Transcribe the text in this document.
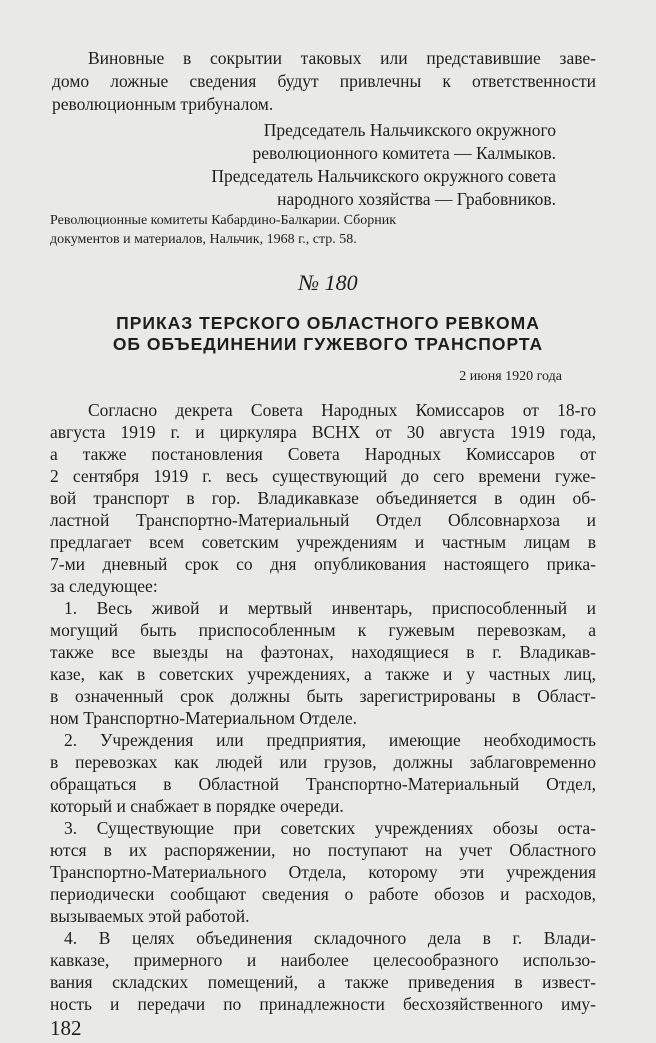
Виновные в сокрытии таковых или представившие заве-
домо ложные сведения будут привлечны к ответственности
революционным трибуналом.
Председатель Нальчикского окружного
революционного комитета — Калмыков.
Председатель Нальчикского окружного совета
народного хозяйства — Грабовников.
Революционные комитеты Кабардино-Балкарии. Сборник
документов и материалов, Нальчик, 1968 г., стр. 58.
№ 180
ПРИКАЗ ТЕРСКОГО ОБЛАСТНОГО РЕВКОМА
ОБ ОБЪЕДИНЕНИИ ГУЖЕВОГО ТРАНСПОРТА
2 июня 1920 года
Согласно декрета Совета Народных Комиссаров от 18-го
августа 1919 г. и циркуляра ВСНХ от 30 августа 1919 года,
а также постановления Совета Народных Комиссаров от
2 сентября 1919 г. весь существующий до сего времени гуже-
вой транспорт в гор. Владикавказе объединяется в один об-
ластной Транспортно-Материальный Отдел Облсовнархоза и
предлагает всем советским учреждениям и частным лицам в
7-ми дневный срок со дня опубликования настоящего прика-
за следующее:
1. Весь живой и мертвый инвентарь, приспособленный и
могущий быть приспособленным к гужевым перевозкам, а
также все выезды на фаэтонах, находящиеся в г. Владикав-
казе, как в советских учреждениях, а также и у частных лиц,
в означенный срок должны быть зарегистрированы в Област-
ном Транспортно-Материальном Отделе.
2. Учреждения или предприятия, имеющие необходимость
в перевозках как людей или грузов, должны заблаговременно
обращаться в Областной Транспортно-Материальный Отдел,
который и снабжает в порядке очереди.
3. Существующие при советских учреждениях обозы оста-
ются в их распоряжении, но поступают на учет Областного
Транспортно-Материального Отдела, которому эти учреждения
периодически сообщают сведения о работе обозов и расходов,
вызываемых этой работой.
4. В целях объединения складочного дела в г. Влади-
кавказе, примерного и наиболее целесообразного использо-
вания складских помещений, а также приведения в извест-
ность и передачи по принадлежности бесхозяйственного иму-
182
